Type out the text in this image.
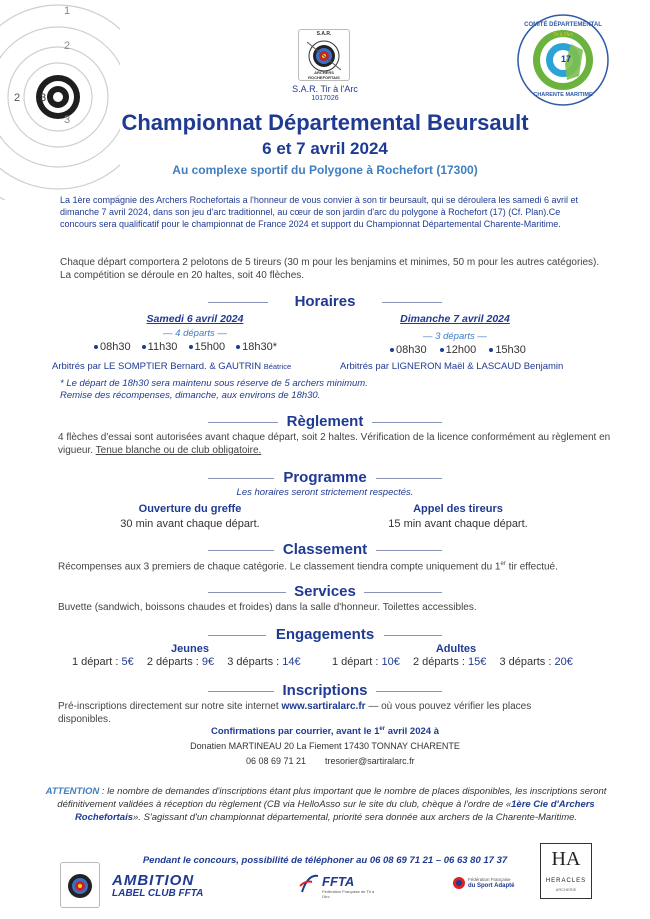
1
2
3
2
3
S.A.R.
ARCHERS ROCHEFORTAIS
S.A.R. Tir à l'Arc
1017026
COMITÉ DÉPARTEMENTAL
Tir à l'Arc
17
CHARENTE MARITIME
Championnat Départemental Beursault
6 et 7 avril 2024
Au complexe sportif du Polygone à Rochefort (17300)
La 1ère compagnie des Archers Rochefortais a l'honneur de vous convier à son tir beursault, qui se déroulera les samedi 6 avril et dimanche 7 avril 2024, dans son jeu d'arc traditionnel, au cœur de son jardin d'arc du polygone à Rochefort (17) (Cf. Plan).Ce concours sera qualificatif pour le championnat de France 2024 et support du Championnat Départemental Charente-Maritime.
Chaque départ comportera 2 pelotons de 5 tireurs (30 m pour les benjamins et minimes, 50 m pour les autres catégories). La compétition se déroule en 20 haltes, soit 40 flèches.
Horaires
Samedi 6 avril 2024	Dimanche 7 avril 2024
— 4 départs —	— 3 départs —
08h30 11h30 15h00 18h30*	08h30 12h00 15h30
Arbitrés par LE SOMPTIER Bernard. & GAUTRIN Béatrice	Arbitrés par LIGNERON Maël & LASCAUD Benjamin
* Le départ de 18h30 sera maintenu sous réserve de 5 archers minimum.
Remise des récompenses, dimanche, aux environs de 18h30.
Règlement
4 flèches d'essai sont autorisées avant chaque départ, soit 2 haltes. Vérification de la licence conformément au règlement en vigueur. Tenue blanche ou de club obligatoire.
Programme
Les horaires seront strictement respectés.
Ouverture du greffe
30 min avant chaque départ.
Appel des tireurs
15 min avant chaque départ.
Classement
Récompenses aux 3 premiers de chaque catégorie. Le classement tiendra compte uniquement du 1er tir effectué.
Services
Buvette (sandwich, boissons chaudes et froides) dans la salle d'honneur. Toilettes accessibles.
Engagements
Jeunes	Adultes
1 départ : 5€ 2 départs : 9€ 3 départs : 14€	1 départ : 10€ 2 départs : 15€ 3 départs : 20€
Inscriptions
Pré-inscriptions directement sur notre site internet www.sartiralarc.fr — où vous pouvez vérifier les places disponibles.
Confirmations par courrier, avant le 1er avril 2024 à
Donatien MARTINEAU 20 La Fiement 17430 TONNAY CHARENTE
06 08 69 71 21 tresorier@sartiralarc.fr
ATTENTION : le nombre de demandes d'inscriptions étant plus important que le nombre de places disponibles, les inscriptions seront définitivement validées à réception du règlement (CB via HelloAsso sur le site du club, chèque à l'ordre de «1ère Cie d'Archers Rochefortais». S'agissant d'un championnat départemental, priorité sera donnée aux archers de la Charente-Maritime.
Pendant le concours, possibilité de téléphoner au 06 08 69 71 21 – 06 63 80 17 37
AMBITION
LABEL CLUB FFTA
FFTA
Fédération Française de Tir à l'Arc
Fédération Française
du Sport Adapté
HA
HERACLES
ARCHERIE
